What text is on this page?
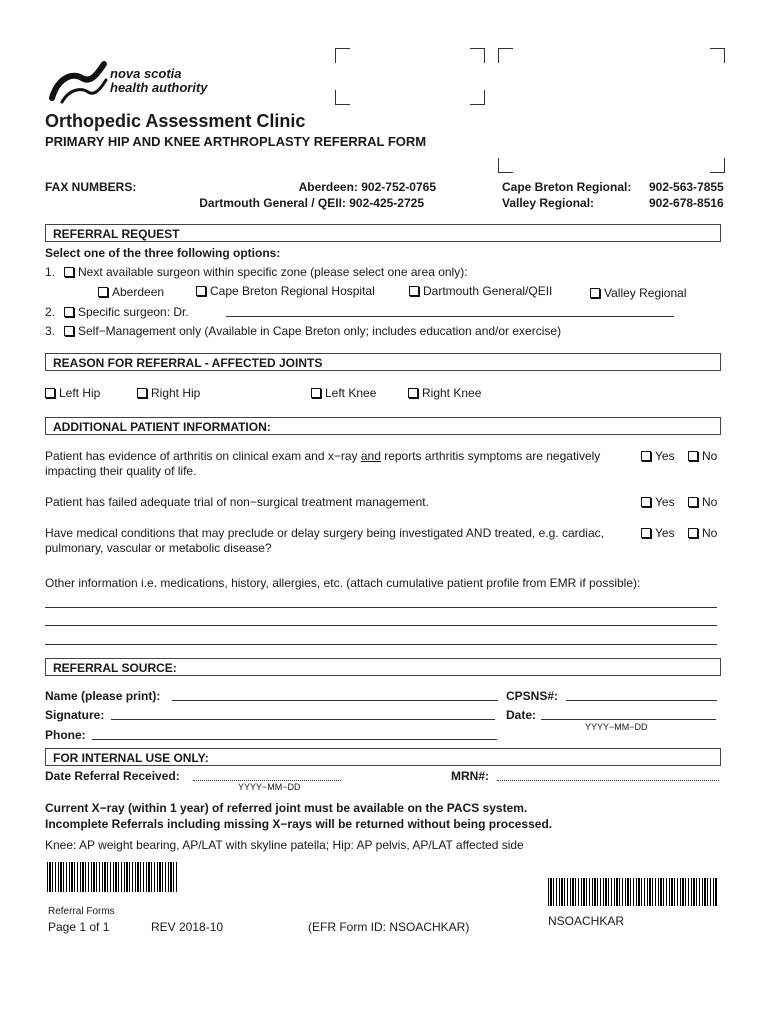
nova scotia
health authority
Orthopedic Assessment Clinic
PRIMARY HIP AND KNEE ARTHROPLASTY REFERRAL FORM
FAX NUMBERS:	Aberdeen: 902-752-0765
Dartmouth General / QEII: 902-425-2725
Cape Breton Regional: 902-563-7855
Valley Regional:	902-678-8516
REFERRAL REQUEST
Select one of the three following options:
1.	Next available surgeon within specific zone (please select one area only):
Aberdeen	Cape Breton Regional Hospital	Dartmouth General/QEII	Valley Regional
2.	Specific surgeon: Dr.
3.	Self−Management only (Available in Cape Breton only; includes education and/or exercise)
REASON FOR REFERRAL - AFFECTED JOINTS
Left Hip	Right Hip	Left Knee	Right Knee
ADDITIONAL PATIENT INFORMATION:
Patient has evidence of arthritis on clinical exam and x−ray and reports arthritis symptoms are negatively
impacting their quality of life.
Yes	No
Patient has failed adequate trial of non−surgical treatment management.	Yes	No
Have medical conditions that may preclude or delay surgery being investigated AND treated, e.g. cardiac,
pulmonary, vascular or metabolic disease?
Yes	No
Other information i.e. medications, history, allergies, etc. (attach cumulative patient profile from EMR if possible):
REFERRAL SOURCE:
Name (please print):	CPSNS#:
Signature:	Date:
YYYY−MM−DD
Phone:
FOR INTERNAL USE ONLY:
Date Referral Received:
YYYY−MM−DD
MRN#:
Current X−ray (within 1 year) of referred joint must be available on the PACS system.
Incomplete Referrals including missing X−rays will be returned without being processed.
Knee: AP weight bearing, AP/LAT with skyline patella; Hip: AP pelvis, AP/LAT affected side
NSOACHKAR
Referral Forms
Page 1 of 1	REV 2018-10	(EFR Form ID: NSOACHKAR)
